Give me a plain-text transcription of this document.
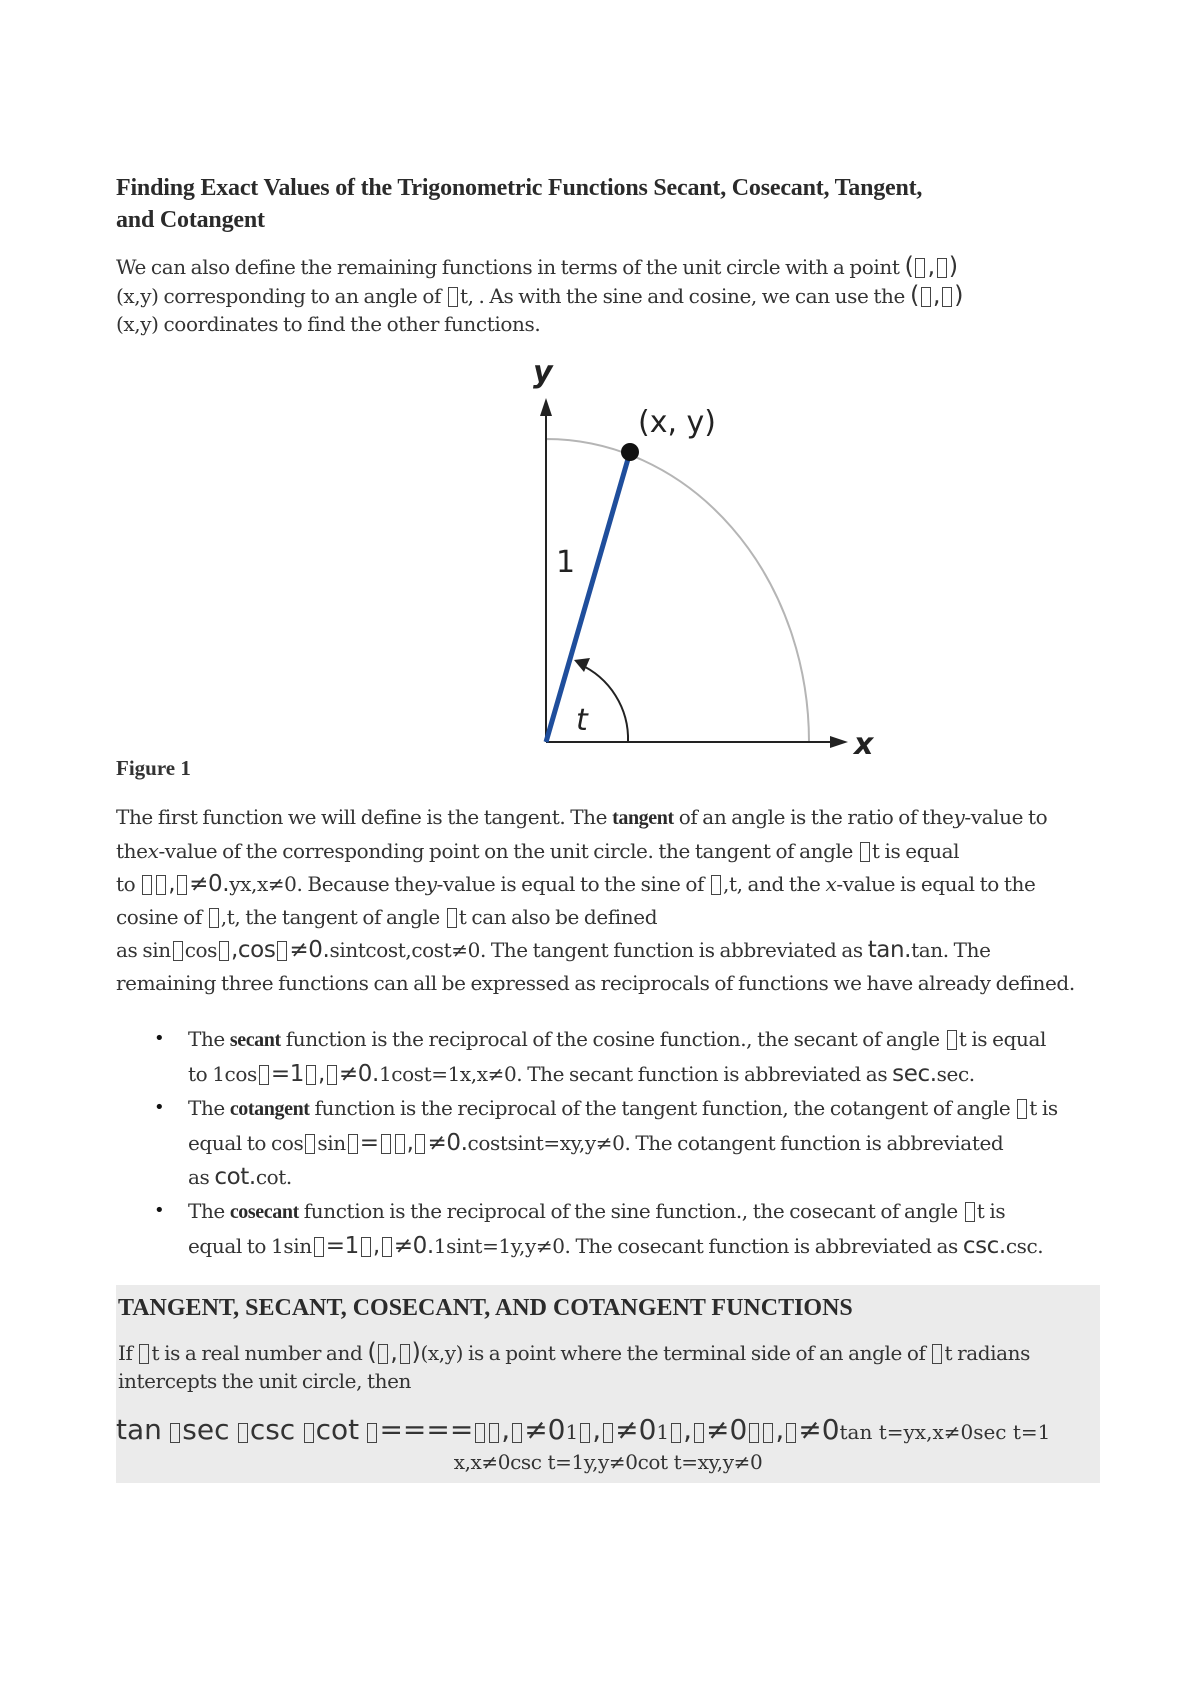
Finding Exact Values of the Trigonometric Functions Secant, Cosecant, Tangent,
and Cotangent

We can also define the remaining functions in terms of the unit circle with a point ( , )
(x,y) corresponding to an angle of t, . As with the sine and cosine, we can use the ( , )
(x,y) coordinates to find the other functions.

y
x
(x, y)
1
t
Figure 1

The first function we will define is the tangent. The tangent of an angle is the ratio of they-value to
thex-value of the corresponding point on the unit circle. the tangent of angle t is equal
to , ≠0.yx,x≠0. Because they-value is equal to the sine of ,t, and the x-value is equal to the
cosine of ,t, the tangent of angle t can also be defined
as sin cos ,cos ≠0.sintcost,cost≠0. The tangent function is abbreviated as tan.tan. The
remaining three functions can all be expressed as reciprocals of functions we have already defined.

• The secant function is the reciprocal of the cosine function., the secant of angle t is equal
to 1cos =1 , ≠0.1cost=1x,x≠0. The secant function is abbreviated as sec.sec.
• The cotangent function is the reciprocal of the tangent function, the cotangent of angle t is
equal to cos sin = , ≠0.costsint=xy,y≠0. The cotangent function is abbreviated
as cot.cot.
• The cosecant function is the reciprocal of the sine function., the cosecant of angle t is
equal to 1sin =1 , ≠0.1sint=1y,y≠0. The cosecant function is abbreviated as csc.csc.
TANGENT, SECANT, COSECANT, AND COTANGENT FUNCTIONS

If t is a real number and ( , )(x,y) is a point where the terminal side of an angle of t radians
intercepts the unit circle, then

tan sec csc cot ==== , ≠01 , ≠01 , ≠0 , ≠0tan t=yx,x≠0sec t=1
x,x≠0csc t=1y,y≠0cot t=xy,y≠0
